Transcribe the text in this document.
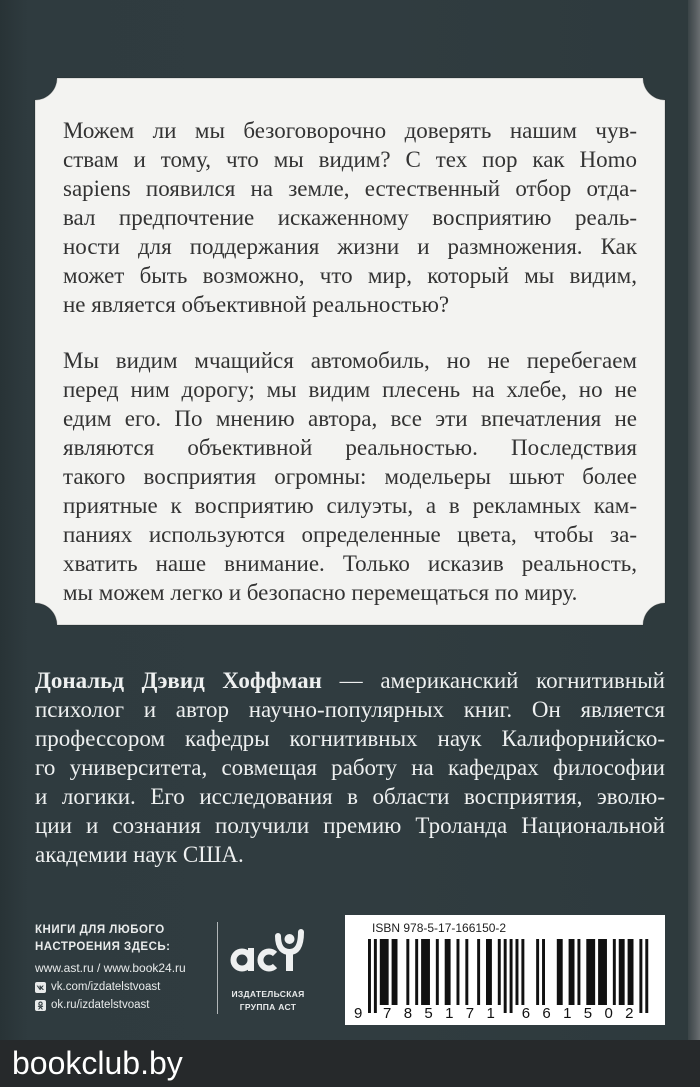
Можем ли мы безоговорочно доверять нашим чув-
ствам и тому, что мы видим? С тех пор как Homo
sapiens появился на земле, естественный отбор отда-
вал предпочтение искаженному восприятию реаль-
ности для поддержания жизни и размножения. Как
может быть возможно, что мир, который мы видим,
не является объективной реальностью?
Мы видим мчащийся автомобиль, но не перебегаем
перед ним дорогу; мы видим плесень на хлебе, но не
едим его. По мнению автора, все эти впечатления не
являются объективной реальностью. Последствия
такого восприятия огромны: модельеры шьют более
приятные к восприятию силуэты, а в рекламных кам-
паниях используются определенные цвета, чтобы за-
хватить наше внимание. Только исказив реальность,
мы можем легко и безопасно перемещаться по миру.
Дональд Дэвид Хоффман — американский когнитивный
психолог и автор научно-популярных книг. Он является
профессором кафедры когнитивных наук Калифорнийско-
го университета, совмещая работу на кафедрах философии
и логики. Его исследования в области восприятия, эволю-
ции и сознания получили премию Троланда Национальной
академии наук США.
КНИГИ ДЛЯ ЛЮБОГО
НАСТРОЕНИЯ ЗДЕСЬ:
www.ast.ru / www.book24.ru
vk.com/izdatelstvoast
ok.ru/izdatelstvoast
ИЗДАТЕЛЬСКАЯ
ГРУППА АСТ
ISBN 978-5-17-166150-2
9 785171 661502
bookclub.by
